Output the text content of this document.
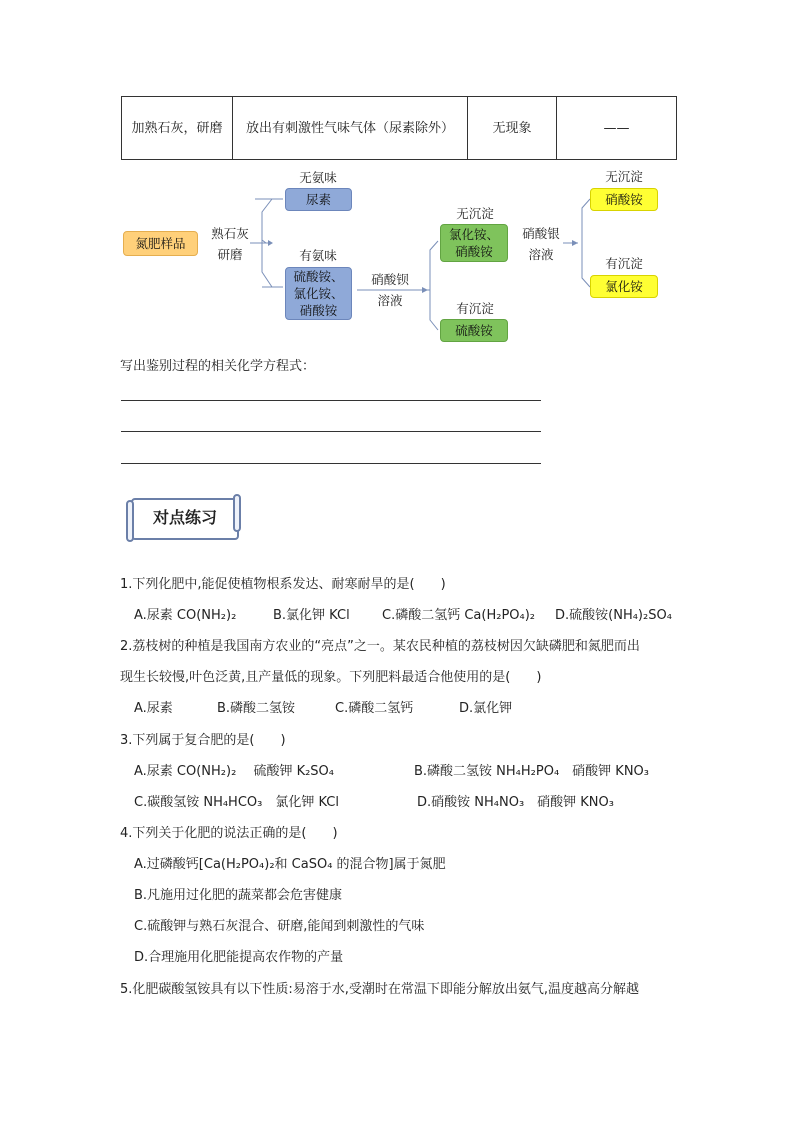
加熟石灰，研磨	放出有刺激性气味气体（尿素除外）	无现象	——
氮肥样品
熟石灰
研磨
无氨味
尿素
有氨味
硫酸铵、
氯化铵、
硝酸铵
硝酸钡
溶液
无沉淀
氯化铵、
硝酸铵
有沉淀
硫酸铵
硝酸银
溶液
无沉淀
硝酸铵
有沉淀
氯化铵
写出鉴别过程的相关化学方程式：
对点练习
1.下列化肥中,能促使植物根系发达、耐寒耐旱的是(　　)
A.尿素 CO(NH₂)₂	B.氯化钾 KCl C.磷酸二氢钙 Ca(H₂PO₄)₂ D.硫酸铵(NH₄)₂SO₄
2.荔枝树的种植是我国南方农业的“亮点”之一。某农民种植的荔枝树因欠缺磷肥和氮肥而出
现生长较慢,叶色泛黄,且产量低的现象。下列肥料最适合他使用的是(　　)
A.尿素	B.磷酸二氢铵	C.磷酸二氢钙	D.氯化钾
3.下列属于复合肥的是(　　)
A.尿素 CO(NH₂)₂　 硫酸钾 K₂SO₄	B.磷酸二氢铵 NH₄H₂PO₄　硝酸钾 KNO₃
C.碳酸氢铵 NH₄HCO₃　氯化钾 KCl	D.硝酸铵 NH₄NO₃　硝酸钾 KNO₃
4.下列关于化肥的说法正确的是(　　)
A.过磷酸钙[Ca(H₂PO₄)₂和 CaSO₄ 的混合物]属于氮肥
B.凡施用过化肥的蔬菜都会危害健康
C.硫酸钾与熟石灰混合、研磨,能闻到刺激性的气味
D.合理施用化肥能提高农作物的产量
5.化肥碳酸氢铵具有以下性质:易溶于水,受潮时在常温下即能分解放出氨气,温度越高分解越
